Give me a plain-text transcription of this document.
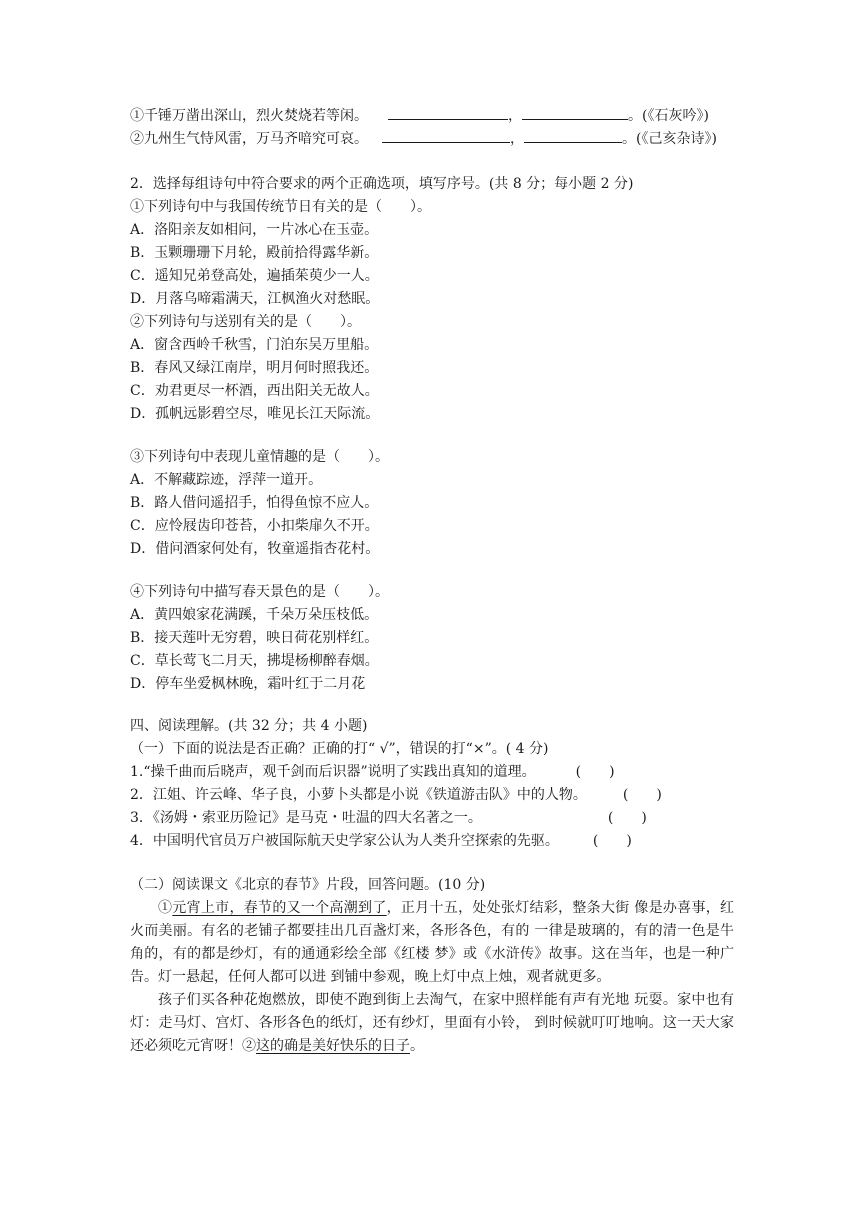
①千锤万凿出深山，烈火焚烧若等闲。	，	。(《石灰吟》)
②九州生气恃风雷，万马齐喑究可哀。	，	。(《己亥杂诗》)
2．选择每组诗句中符合要求的两个正确选项，填写序号。(共 8 分；每小题 2 分)
①下列诗句中与我国传统节日有关的是（　　）。
A．洛阳亲友如相问，一片冰心在玉壶。
B．玉颗珊珊下月轮，殿前拾得露华新。
C．遥知兄弟登高处，遍插茱萸少一人。
D．月落乌啼霜满天，江枫渔火对愁眠。
②下列诗句与送别有关的是（　　）。
A．窗含西岭千秋雪，门泊东吴万里船。
B．春风又绿江南岸，明月何时照我还。
C．劝君更尽一杯酒，西出阳关无故人。
D．孤帆远影碧空尽，唯见长江天际流。
③下列诗句中表现儿童情趣的是（　　）。
A．不解藏踪迹，浮萍一道开。
B．路人借问遥招手，怕得鱼惊不应人。
C．应怜屐齿印苍苔，小扣柴扉久不开。
D．借问酒家何处有，牧童遥指杏花村。
④下列诗句中描写春天景色的是（　　）。
A．黄四娘家花满蹊，千朵万朵压枝低。
B．接天莲叶无穷碧，映日荷花别样红。
C．草长莺飞二月天，拂堤杨柳醉春烟。
D．停车坐爱枫林晚，霜叶红于二月花
四、阅读理解。(共 32 分；共 4 小题)
（一）下面的说法是否正确？正确的打“ √”，错误的打“×”。( 4 分)
1.“操千曲而后晓声，观千剑而后识器”说明了实践出真知的道理。	(　　)
2．江姐、许云峰、华子良，小萝卜头都是小说《铁道游击队》中的人物。	(　　)
3．《汤姆・索亚历险记》是马克・吐温的四大名著之一。	(　　)
4．中国明代官员万户被国际航天史学家公认为人类升空探索的先驱。 (　　)
（二）阅读课文《北京的春节》片段，回答问题。(10 分)

①元宵上市，春节的又一个高潮到了，正月十五，处处张灯结彩，整条大街 像是办喜事，红火而美丽。有名的老铺子都要挂出几百盏灯来，各形各色，有的 一律是玻璃的，有的清一色是牛角的，有的都是纱灯，有的通通彩绘全部《红楼 梦》或《水浒传》故事。这在当年，也是一种广告。灯一悬起，任何人都可以进 到铺中参观，晚上灯中点上烛，观者就更多。

孩子们买各种花炮燃放，即使不跑到街上去淘气，在家中照样能有声有光地 玩耍。家中也有灯：走马灯、宫灯、各形各色的纸灯，还有纱灯，里面有小铃， 到时候就叮叮地响。这一天大家还必须吃元宵呀！②这的确是美好快乐的日子。
